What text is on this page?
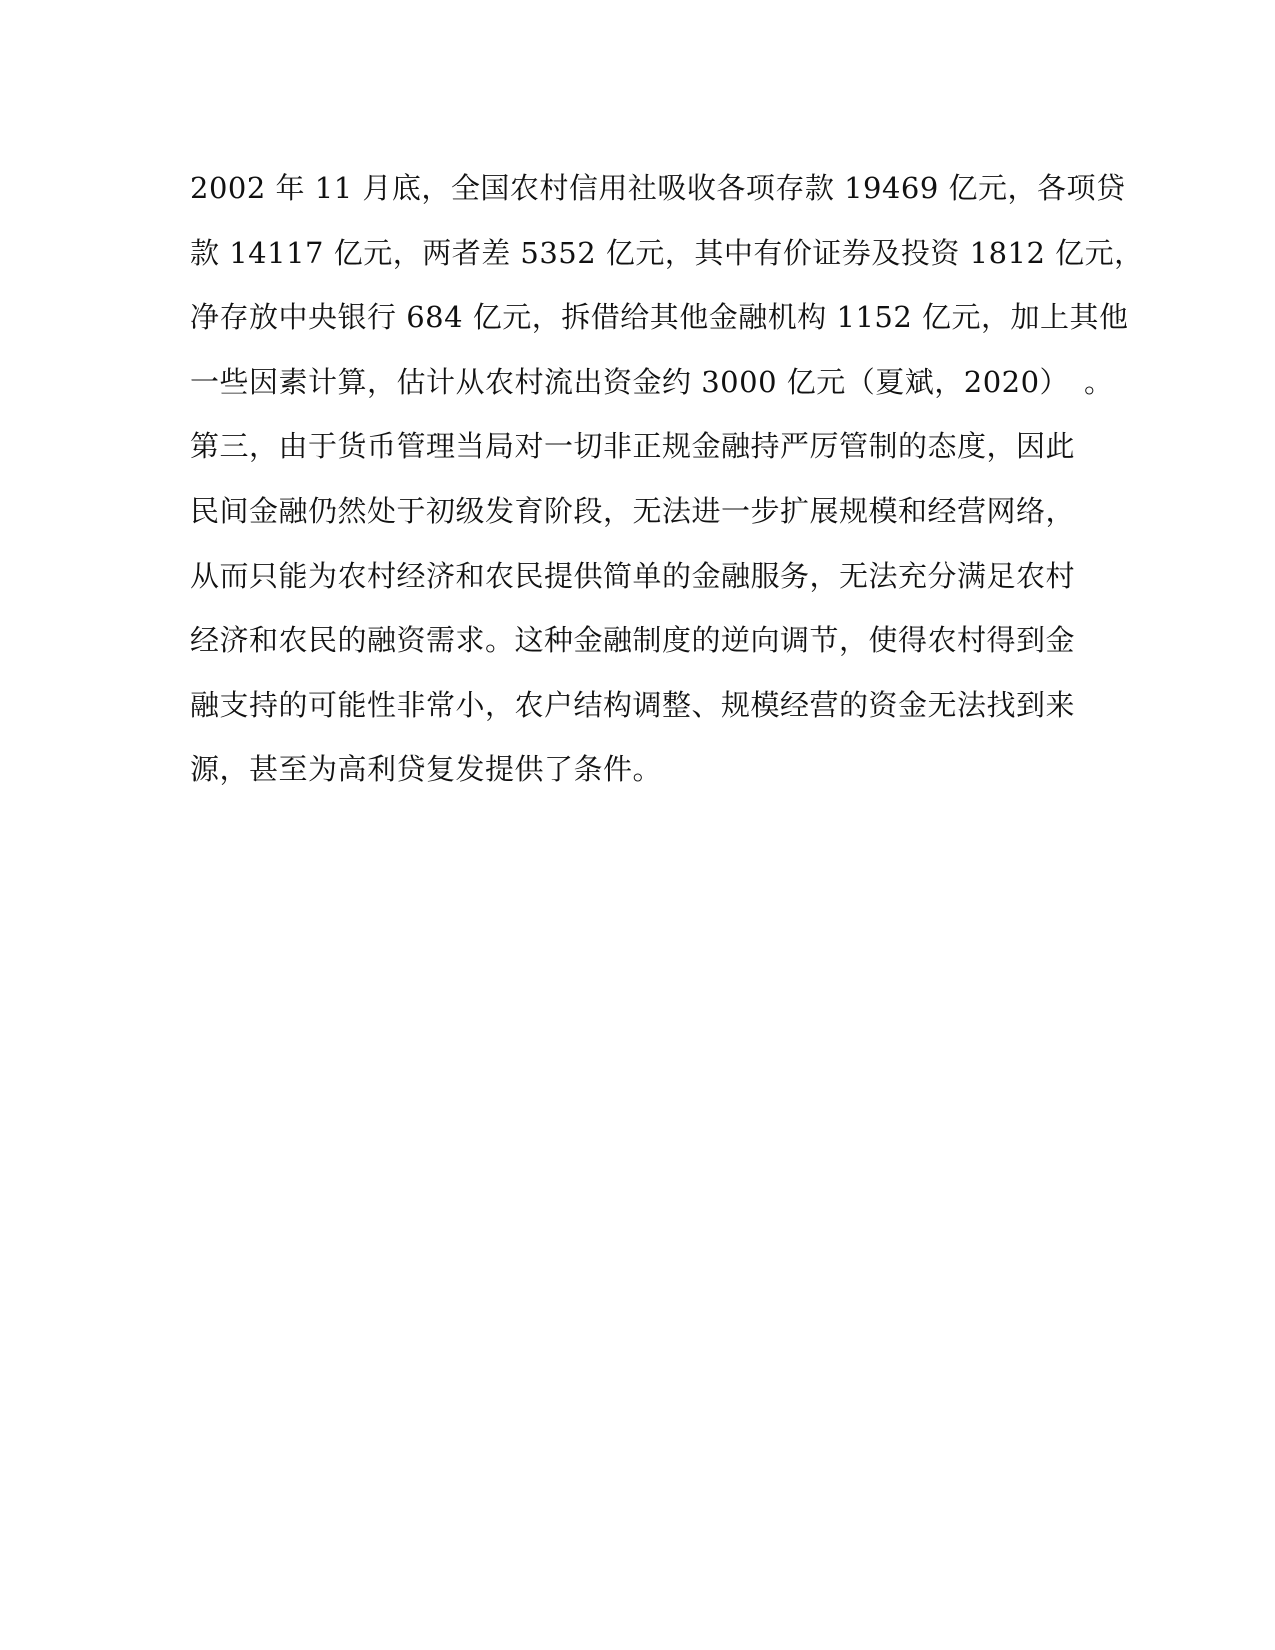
2002 年 11 月底，全国农村信用社吸收各项存款 19469 亿元，各项贷
款 14117 亿元，两者差 5352 亿元，其中有价证券及投资 1812 亿元，
净存放中央银行 684 亿元，拆借给其他金融机构 1152 亿元，加上其他
一些因素计算，估计从农村流出资金约 3000 亿元（夏斌，2020）　。
第三，由于货币管理当局对一切非正规金融持严厉管制的态度，因此
民间金融仍然处于初级发育阶段，无法进一步扩展规模和经营网络，
从而只能为农村经济和农民提供简单的金融服务，无法充分满足农村
经济和农民的融资需求。这种金融制度的逆向调节，使得农村得到金
融支持的可能性非常小，农户结构调整、规模经营的资金无法找到来
源，甚至为高利贷复发提供了条件。
